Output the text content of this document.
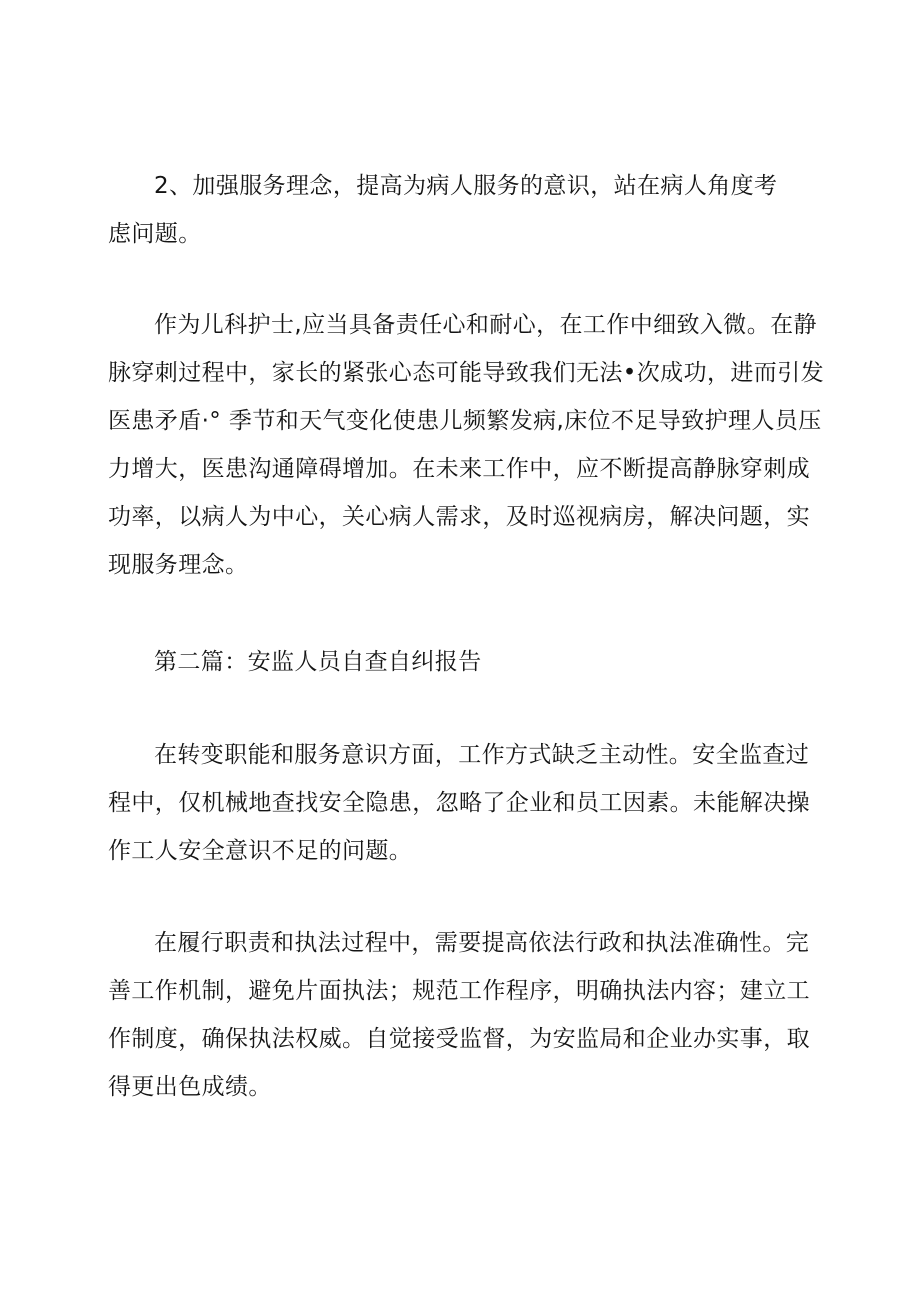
2、加强服务理念，提高为病人服务的意识，站在病人角度考虑问题。

作为儿科护士,应当具备责任心和耐心，在工作中细致入微。在静脉穿刺过程中，家长的紧张心态可能导致我们无法•次成功，进而引发医患矛盾·° 季节和天气变化使患儿频繁发病,床位不足导致护理人员压力增大，医患沟通障碍增加。在未来工作中，应不断提高静脉穿刺成功率，以病人为中心，关心病人需求，及时巡视病房，解决问题，实现服务理念。

第二篇：安监人员自查自纠报告

在转变职能和服务意识方面，工作方式缺乏主动性。安全监查过程中，仅机械地查找安全隐患，忽略了企业和员工因素。未能解决操作工人安全意识不足的问题。

在履行职责和执法过程中，需要提高依法行政和执法准确性。完善工作机制，避免片面执法；规范工作程序，明确执法内容；建立工作制度，确保执法权威。自觉接受监督，为安监局和企业办实事，取得更出色成绩。
